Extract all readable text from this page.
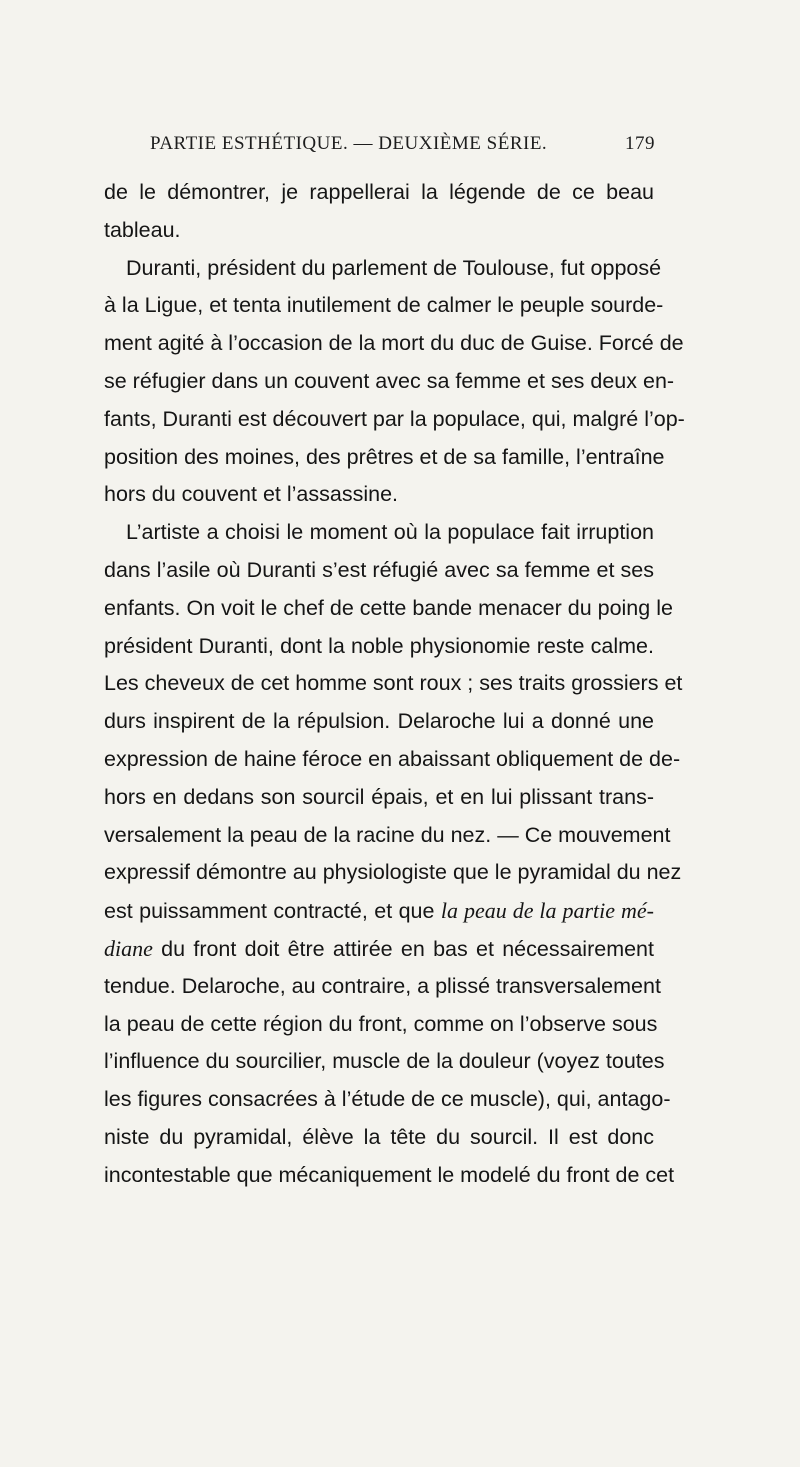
PARTIE ESTHÉTIQUE. — DEUXIÈME SÉRIE.	179
de le démontrer, je rappellerai la légende de ce beau
tableau.
Duranti, président du parlement de Toulouse, fut opposé
à la Ligue, et tenta inutilement de calmer le peuple sourde-
ment agité à l’occasion de la mort du duc de Guise. Forcé de
se réfugier dans un couvent avec sa femme et ses deux en-
fants, Duranti est découvert par la populace, qui, malgré l’op-
position des moines, des prêtres et de sa famille, l’entraîne
hors du couvent et l’assassine.
L’artiste a choisi le moment où la populace fait irruption
dans l’asile où Duranti s’est réfugié avec sa femme et ses
enfants. On voit le chef de cette bande menacer du poing le
président Duranti, dont la noble physionomie reste calme.
Les cheveux de cet homme sont roux ; ses traits grossiers et
durs inspirent de la répulsion. Delaroche lui a donné une
expression de haine féroce en abaissant obliquement de de-
hors en dedans son sourcil épais, et en lui plissant trans-
versalement la peau de la racine du nez. — Ce mouvement
expressif démontre au physiologiste que le pyramidal du nez
est puissamment contracté, et que la peau de la partie mé-
diane du front doit être attirée en bas et nécessairement
tendue. Delaroche, au contraire, a plissé transversalement
la peau de cette région du front, comme on l’observe sous
l’influence du sourcilier, muscle de la douleur (voyez toutes
les figures consacrées à l’étude de ce muscle), qui, antago-
niste du pyramidal, élève la tête du sourcil. Il est donc
incontestable que mécaniquement le modelé du front de cet
